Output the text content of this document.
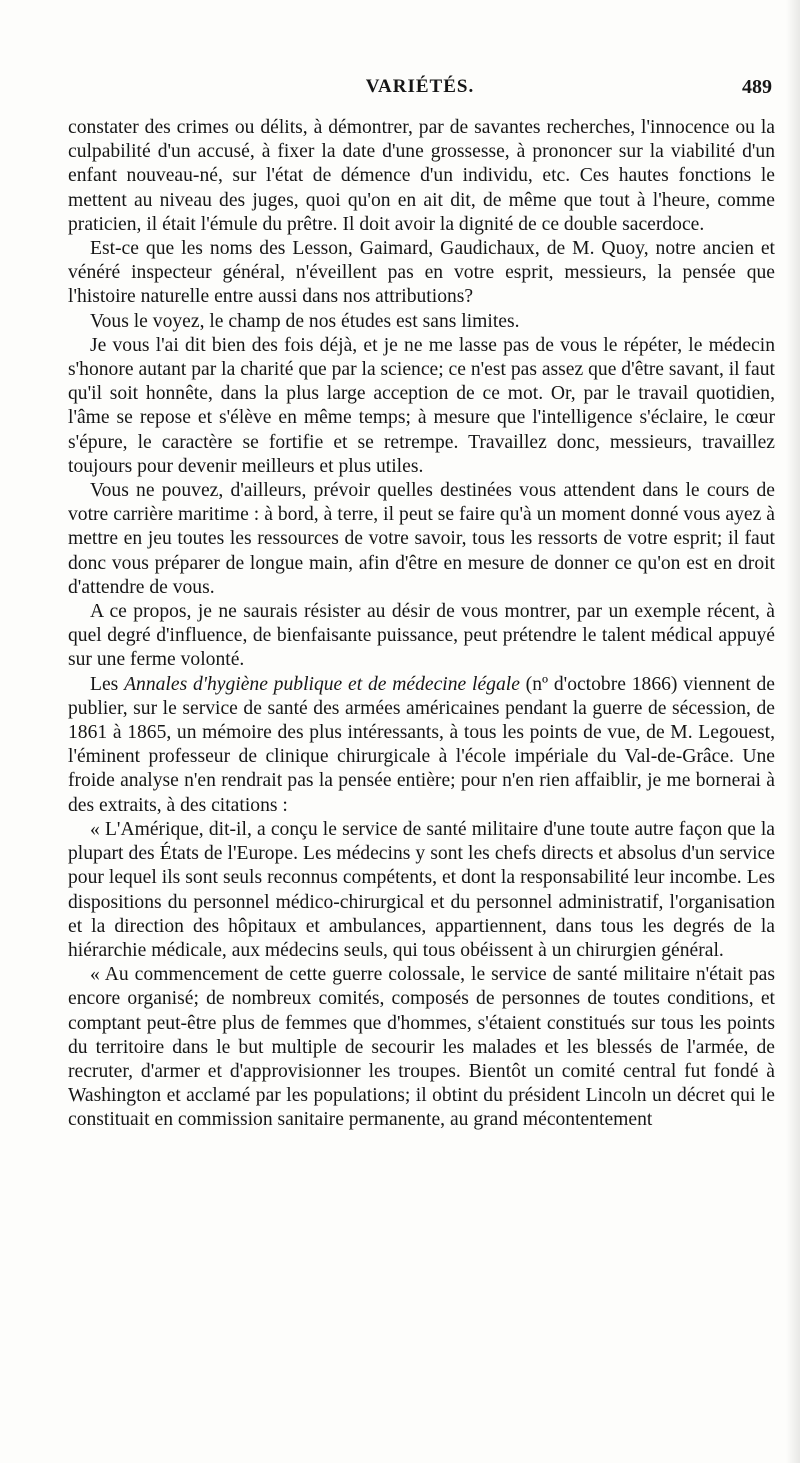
VARIÉTÉS.	489

constater des crimes ou délits, à démontrer, par de savantes recherches, l'innocence ou la culpabilité d'un accusé, à fixer la date d'une grossesse, à prononcer sur la viabilité d'un enfant nouveau-né, sur l'état de démence d'un individu, etc. Ces hautes fonctions le mettent au niveau des juges, quoi qu'on en ait dit, de même que tout à l'heure, comme praticien, il était l'émule du prêtre. Il doit avoir la dignité de ce double sacerdoce.

Est-ce que les noms des Lesson, Gaimard, Gaudichaux, de M. Quoy, notre ancien et vénéré inspecteur général, n'éveillent pas en votre esprit, messieurs, la pensée que l'histoire naturelle entre aussi dans nos attributions?

Vous le voyez, le champ de nos études est sans limites.

Je vous l'ai dit bien des fois déjà, et je ne me lasse pas de vous le répéter, le médecin s'honore autant par la charité que par la science; ce n'est pas assez que d'être savant, il faut qu'il soit honnête, dans la plus large acception de ce mot. Or, par le travail quotidien, l'âme se repose et s'élève en même temps; à mesure que l'intelligence s'éclaire, le cœur s'épure, le caractère se fortifie et se retrempe. Travaillez donc, messieurs, travaillez toujours pour devenir meilleurs et plus utiles.

Vous ne pouvez, d'ailleurs, prévoir quelles destinées vous attendent dans le cours de votre carrière maritime : à bord, à terre, il peut se faire qu'à un moment donné vous ayez à mettre en jeu toutes les ressources de votre savoir, tous les ressorts de votre esprit; il faut donc vous préparer de longue main, afin d'être en mesure de donner ce qu'on est en droit d'attendre de vous.

A ce propos, je ne saurais résister au désir de vous montrer, par un exemple récent, à quel degré d'influence, de bienfaisante puissance, peut prétendre le talent médical appuyé sur une ferme volonté.

Les Annales d'hygiène publique et de médecine légale (nº d'octobre 1866) viennent de publier, sur le service de santé des armées américaines pendant la guerre de sécession, de 1861 à 1865, un mémoire des plus intéressants, à tous les points de vue, de M. Legouest, l'éminent professeur de clinique chirurgicale à l'école impériale du Val-de-Grâce. Une froide analyse n'en rendrait pas la pensée entière; pour n'en rien affaiblir, je me bornerai à des extraits, à des citations :

« L'Amérique, dit-il, a conçu le service de santé militaire d'une toute autre façon que la plupart des États de l'Europe. Les médecins y sont les chefs directs et absolus d'un service pour lequel ils sont seuls reconnus compétents, et dont la responsabilité leur incombe. Les dispositions du personnel médico-chirurgical et du personnel administratif, l'organisation et la direction des hôpitaux et ambulances, appartiennent, dans tous les degrés de la hiérarchie médicale, aux médecins seuls, qui tous obéissent à un chirurgien général.

« Au commencement de cette guerre colossale, le service de santé militaire n'était pas encore organisé; de nombreux comités, composés de personnes de toutes conditions, et comptant peut-être plus de femmes que d'hommes, s'étaient constitués sur tous les points du territoire dans le but multiple de secourir les malades et les blessés de l'armée, de recruter, d'armer et d'approvisionner les troupes. Bientôt un comité central fut fondé à Washington et acclamé par les populations; il obtint du président Lincoln un décret qui le constituait en commission sanitaire permanente, au grand mécontentement
